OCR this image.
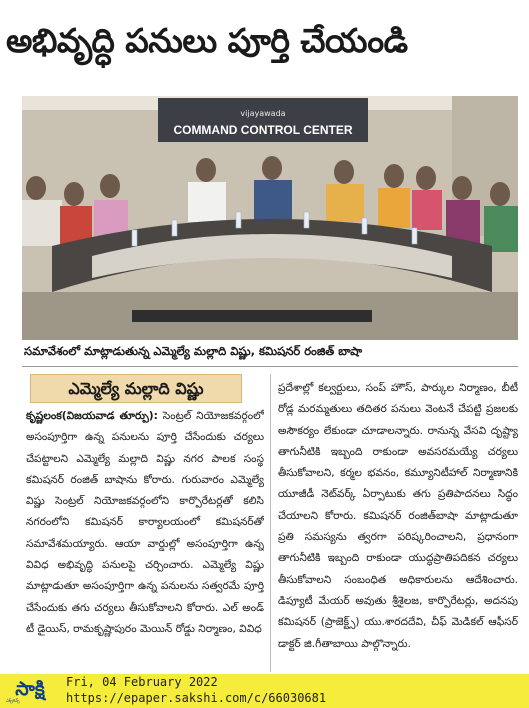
అభివృద్ధి పనులు పూర్తి చేయండి
vijayawada
COMMAND CONTROL CENTER
సమావేశంలో మాట్లాడుతున్న ఎమ్మెల్యే మల్లాది విష్ణు, కమిషనర్ రంజిత్ బాషా
ఎమ్మెల్యే మల్లాది విష్ణు
కృష్ణలంక(విజయవాడ తూర్పు): సెంట్రల్ నియోజకవర్గంలో అసంపూర్తిగా ఉన్న పనులను పూర్తి చేసేందుకు చర్యలు చేపట్టాలని ఎమ్మెల్యే మల్లాది విష్ణు నగర పాలక సంస్థ కమిషనర్ రంజిత్ బాషాను కోరారు. గురువారం ఎమ్మెల్యే విష్ణు సెంట్రల్ నియోజకవర్గంలోని కార్పొరేటర్లతో కలిసి నగరంలోని కమిషనర్ కార్యాలయంలో కమిషనర్‌తో సమావేశమయ్యారు. ఆయా వార్డుల్లో అసంపూర్తిగా ఉన్న వివిధ అభివృద్ధి పనులపై చర్చించారు. ఎమ్మెల్యే విష్ణు మాట్లాడుతూ అసంపూర్తిగా ఉన్న పనులను సత్వరమే పూర్తి చేసేందుకు తగు చర్యలు తీసుకోవాలని కోరారు. ఎల్ అండ్ టీ డైయిస్, రామకృష్ణాపురం మెయిన్ రోడ్డు నిర్మాణం, వివిధ
ప్రదేశాల్లో కల్వర్టులు, సంప్ హౌస్, పార్కుల నిర్మాణం, బీటీ రోడ్ల మరమ్మతులు తదితర పనులు వెంటనే చేపట్టి ప్రజలకు అసౌకర్యం లేకుండా చూడాలన్నారు. రానున్న వేసవి దృష్ట్యా తాగునీటికి ఇబ్బంది రాకుండా అవసరమయ్యే చర్యలు తీసుకోవాలని, కర్మల భవనం, కమ్యూనిటీహాల్ నిర్మాణానికి యూజీడీ నెట్‌వర్క్ ఏర్పాటుకు తగు ప్రతిపాదనలు సిద్ధం చేయాలని కోరారు. కమిషనర్ రంజిత్‌బాషా మాట్లాడుతూ ప్రతి సమస్యను త్వరగా పరిష్కరించాలని, ప్రధానంగా తాగునీటికి ఇబ్బంది రాకుండా యుద్ధప్రాతిపదికన చర్యలు తీసుకోవాలని సంబంధిత అధికారులను ఆదేశించారు. డిప్యూటీ మేయర్ అవుతు శ్రీశైలజ, కార్పొరేటర్లు, అదనపు కమిషనర్ (ప్రాజెక్ట్స్) యు.శారదదేవి, చీఫ్ మెడికల్ ఆఫీసర్ డాక్టర్ జి.గీతాబాయి పాల్గొన్నారు.
సాక్షి
ఎక్స్‌లెన్స్
Fri, 04 February 2022
https://epaper.sakshi.com/c/66030681
